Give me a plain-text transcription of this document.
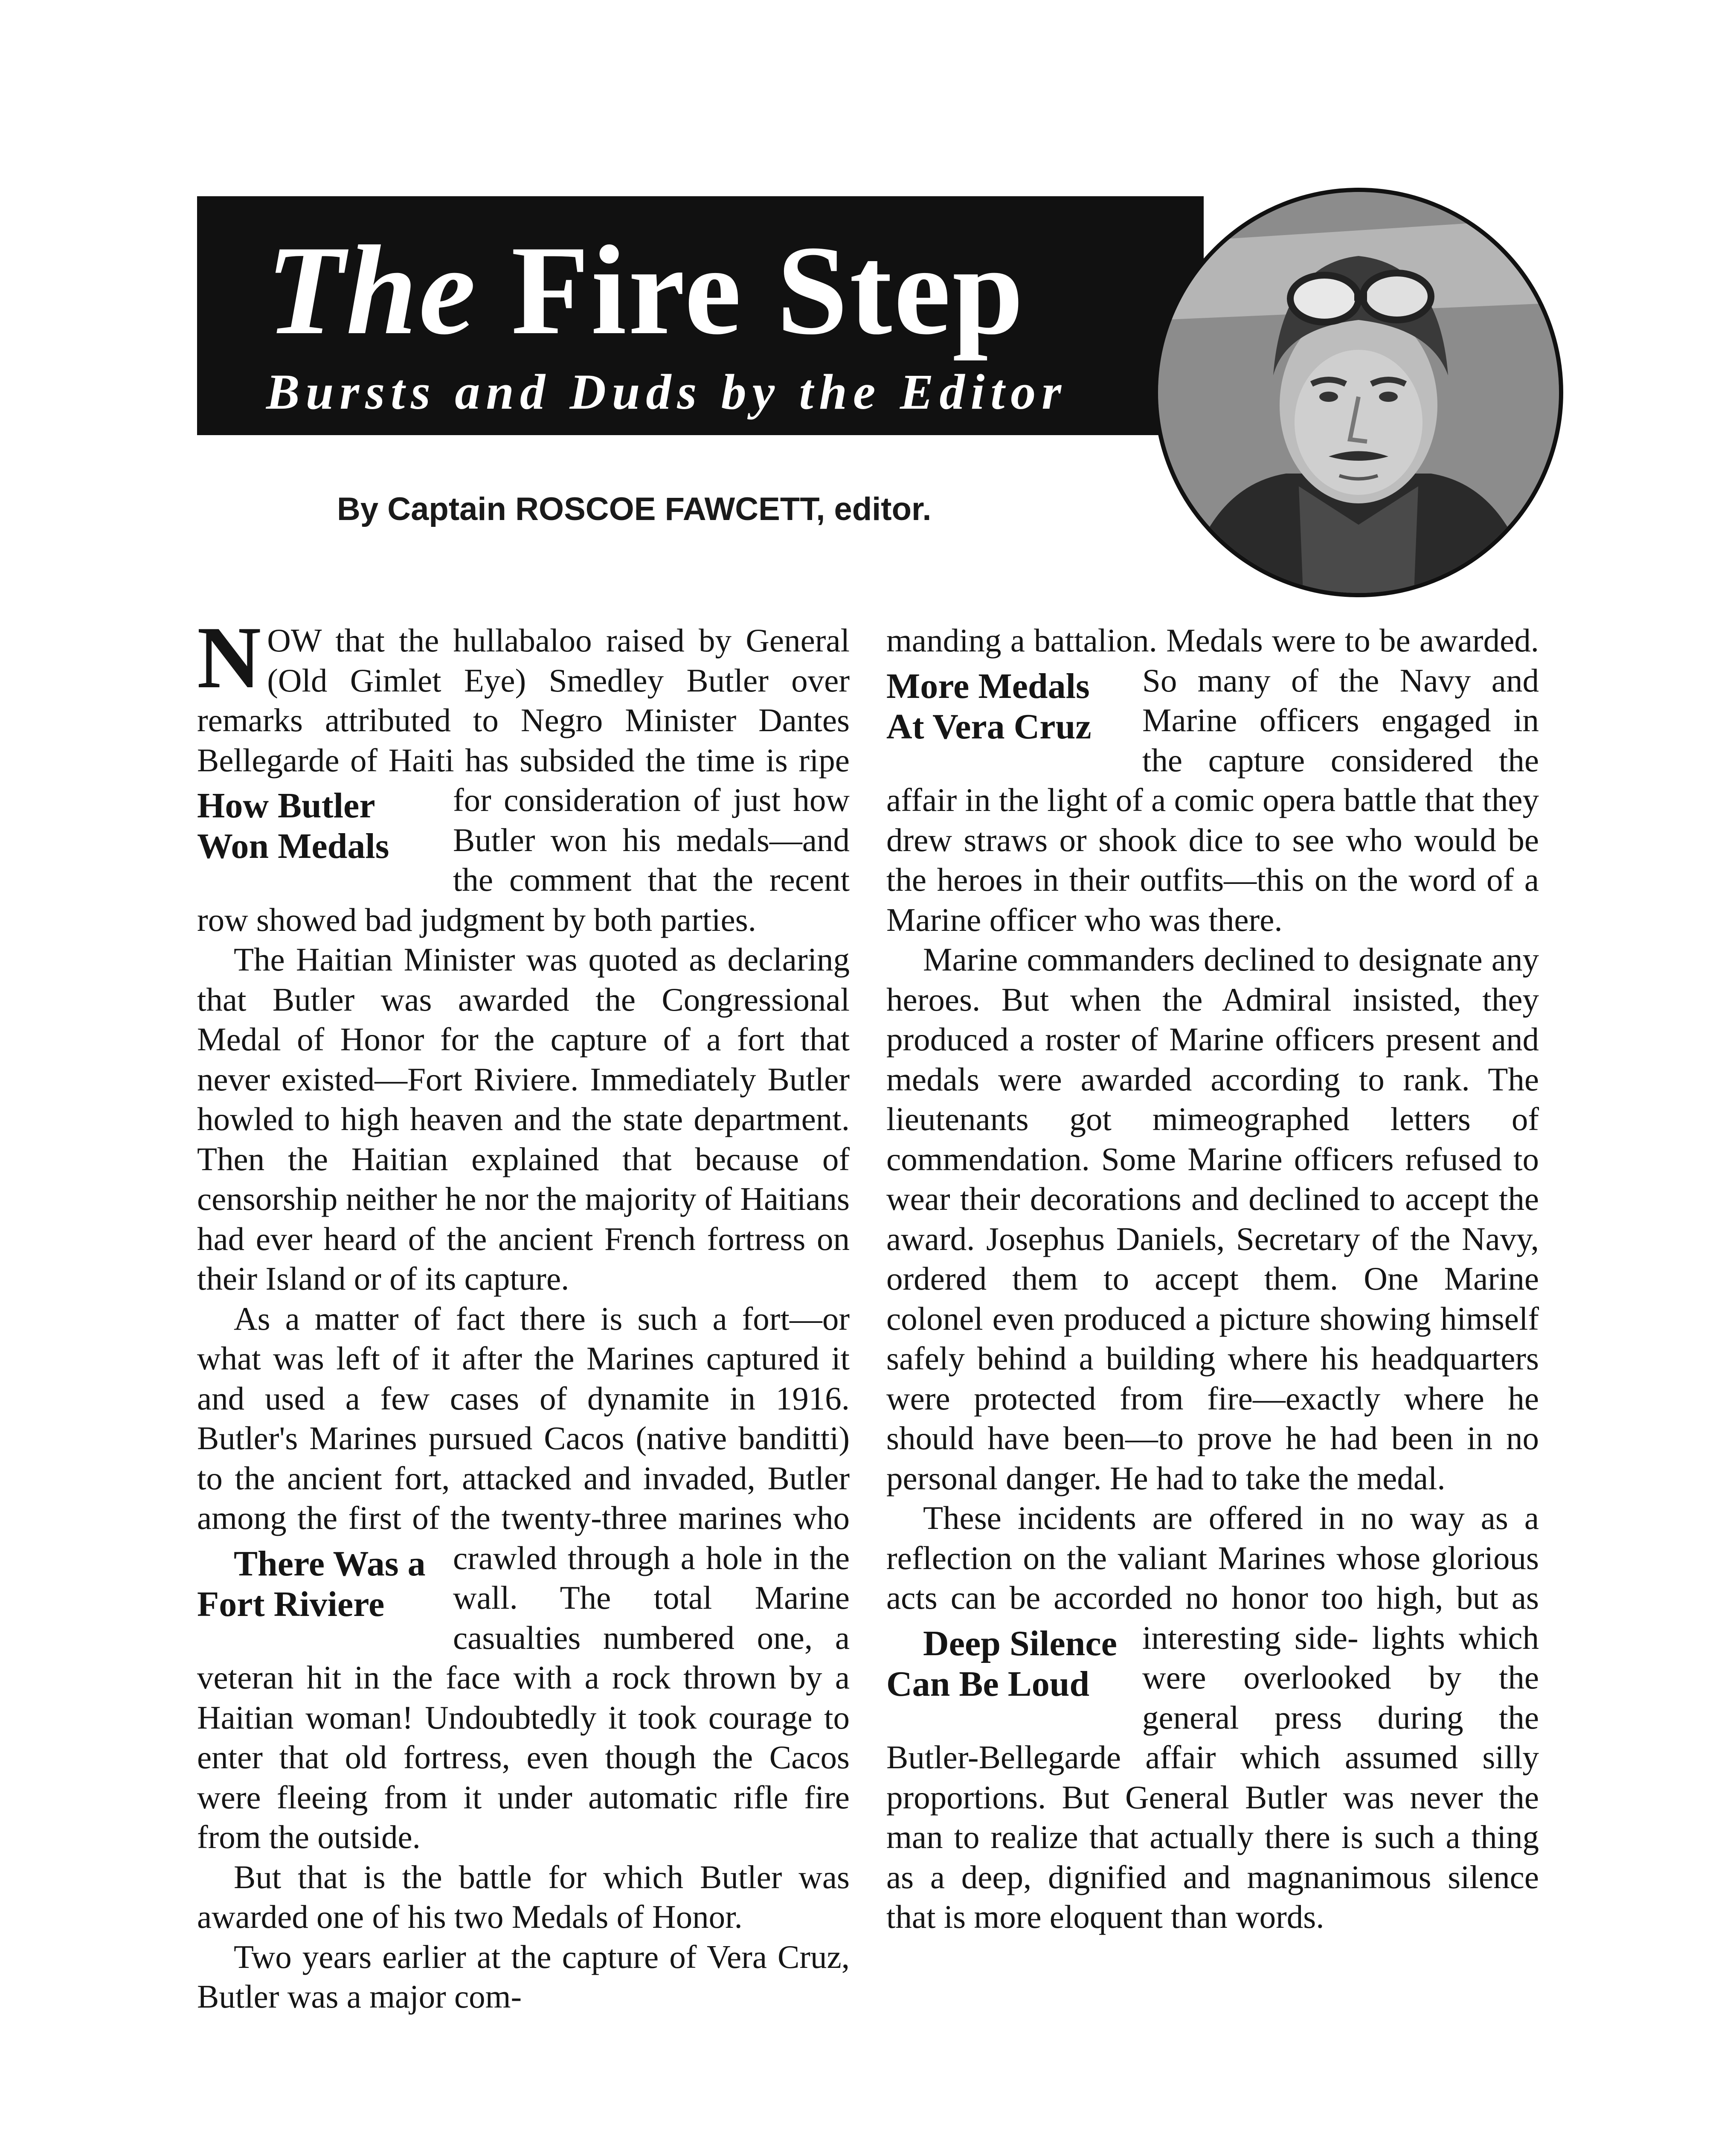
The Fire Step
Bursts and Duds by the Editor
By Captain ROSCOE FAWCETT, editor.

NOW that the hullabaloo raised by General (Old Gimlet Eye) Smedley Butler over remarks attributed to Negro Minister Dantes Bellegarde of Haiti has subsided the
How Butler Won Medals
time is ripe for consideration of just how Butler won his medals—and the comment that the recent row showed bad judgment by both parties.

The Haitian Minister was quoted as declaring that Butler was awarded the Congressional Medal of Honor for the capture of a fort that never existed—Fort Riviere. Immediately Butler howled to high heaven and the state department. Then the Haitian explained that because of censorship neither he nor the majority of Haitians had ever heard of the ancient French fortress on their Island or of its capture.

As a matter of fact there is such a fort—or what was left of it after the Marines captured it and used a few cases of dynamite in 1916. Butler's Marines pursued Cacos (native banditti) to the ancient fort, attacked and invaded, Butler among the first of the twenty-three marines who crawled through a hole in
There Was a Fort Riviere
the wall. The total Marine casualties numbered one, a veteran hit in the face with a rock thrown by a Haitian woman! Undoubtedly it took courage to enter that old fortress, even though the Cacos were fleeing from it under automatic rifle fire from the outside.

But that is the battle for which Butler was awarded one of his two Medals of Honor.

Two years earlier at the capture of Vera Cruz, Butler was a major com-

manding a battalion. Medals were to be
More Medals At Vera Cruz
awarded. So many of the Navy and Marine officers engaged in the capture considered the affair in the light of a comic opera battle that they drew straws or shook dice to see who would be the heroes in their outfits—this on the word of a Marine officer who was there.

Marine commanders declined to designate any heroes. But when the Admiral insisted, they produced a roster of Marine officers present and medals were awarded according to rank. The lieutenants got mimeographed letters of commendation. Some Marine officers refused to wear their decorations and declined to accept the award. Josephus Daniels, Secretary of the Navy, ordered them to accept them. One Marine colonel even produced a picture showing himself safely behind a building where his headquarters were protected from fire—exactly where he should have been—to prove he had been in no personal danger. He had to take the medal.

These incidents are offered in no way as a reflection on the valiant Marines whose glorious acts can be accorded no honor too high, but as interesting side-
Deep Silence Can Be Loud
lights which were overlooked by the general press during the Butler-Bellegarde affair which assumed silly proportions. But General Butler was never the man to realize that actually there is such a thing as a deep, dignified and magnanimous silence that is more eloquent than words.
